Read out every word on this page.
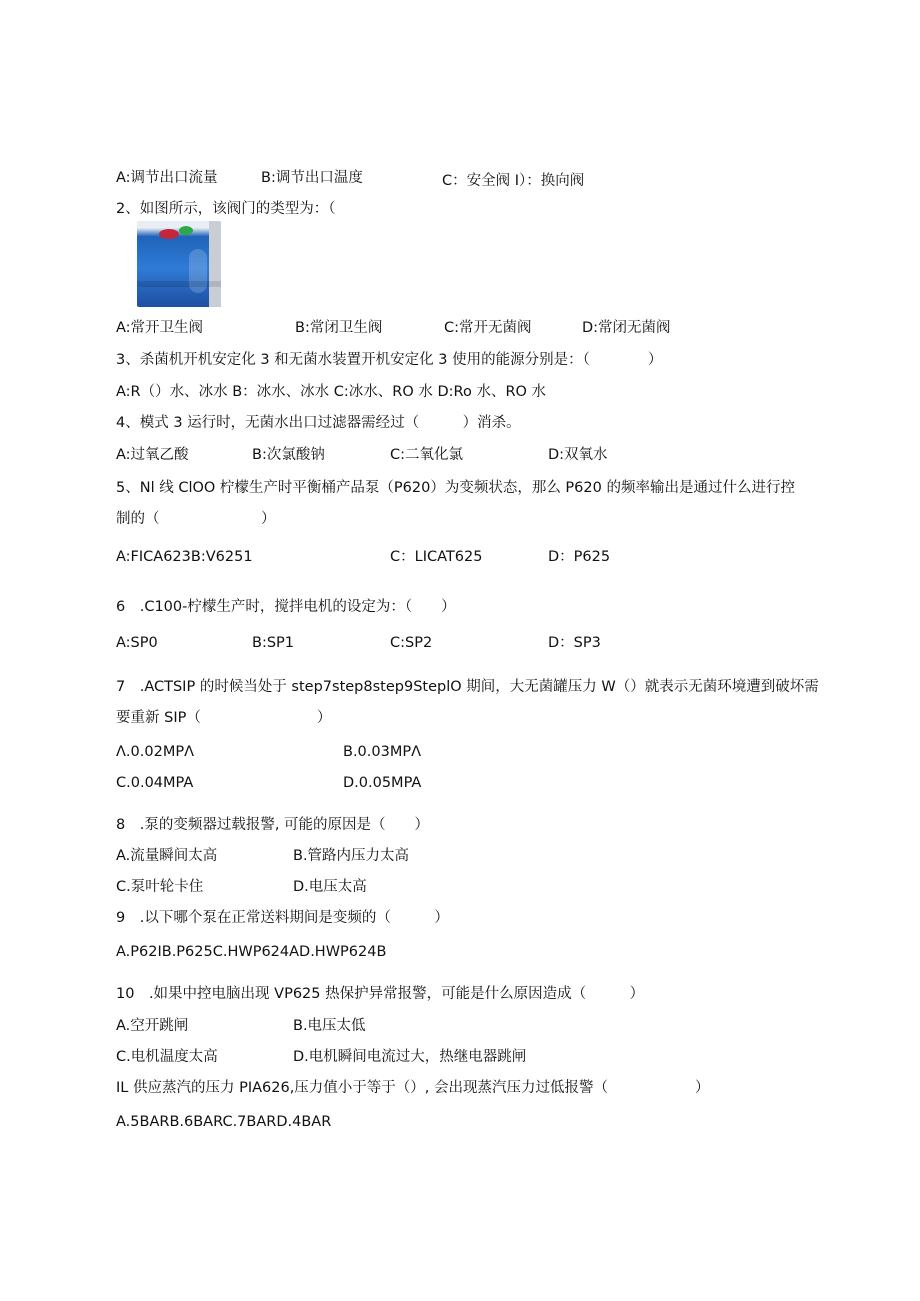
A:调节出口流量	B:调节出口温度	C：安全阀 I）：换向阀
2、如图所示，该阀门的类型为：（
A:常开卫生阀	B:常闭卫生阀	C:常开无菌阀	D:常闭无菌阀
3、杀菌机开机安定化 3 和无菌水装置开机安定化 3 使用的能源分别是：（　　　　）
A:R（）水、冰水 B：冰水、冰水 C:冰水、RO 水 D:Ro 水、RO 水
4、模式 3 运行时，无菌水出口过滤器需经过（　　　）消杀。
A:过氧乙酸	B:次氯酸钠	C:二氧化氯	D:双氧水
5、Nl 线 ClOO 柠檬生产时平衡桶产品泵（P620）为变频状态，那么 P620 的频率输出是通过什么进行控
制的（　　　　　　　）
A:FICA623B:V6251	C：LICAT625	D：P625
6　.C100-柠檬生产时，搅拌电机的设定为：（　　）
A:SP0	B:SP1	C:SP2	D：SP3
7　.ACTSIP 的时候当处于 step7step8step9SteplO 期间，大无菌罐压力 W（）就表示无菌环境遭到破坏需
要重新 SIP（　　　　　　　　）
Λ.0.02MPΛ	B.0.03MPΛ
C.0.04MPA	D.0.05MPA
8　.泵的变频器过载报警, 可能的原因是（　　）
A.流量瞬间太高	B.管路内压力太高
C.泵叶轮卡住	D.电压太高
9　.以下哪个泵在正常送料期间是变频的（　　　）
A.P62IB.P625C.HWP624AD.HWP624B
10　.如果中控电脑出现 VP625 热保护异常报警，可能是什么原因造成（　　　）
A.空开跳闸	B.电压太低
C.电机温度太高	D.电机瞬间电流过大，热继电器跳闸
IL 供应蒸汽的压力 PIA626,压力值小于等于（）, 会出现蒸汽压力过低报警（　　　　　　）
A.5BARB.6BARC.7BARD.4BAR
